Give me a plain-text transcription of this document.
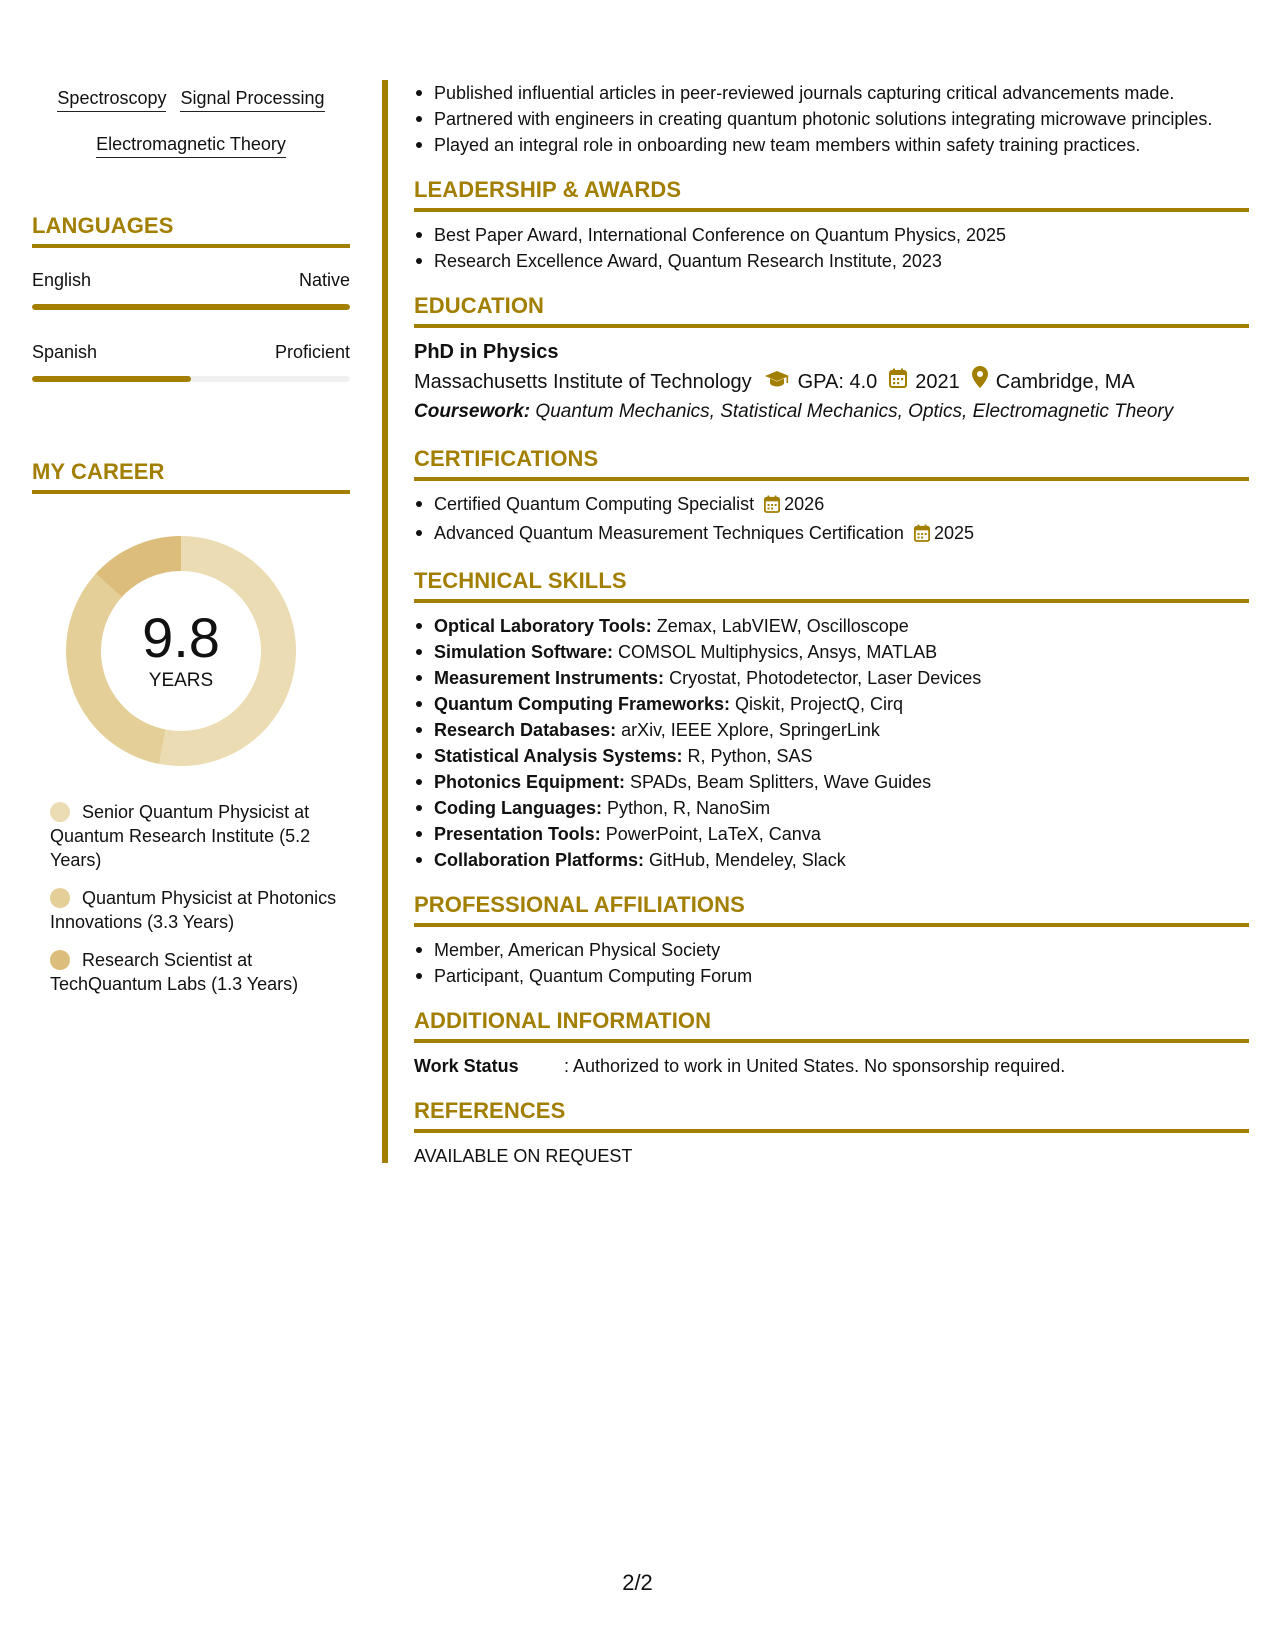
Spectroscopy Signal Processing
Electromagnetic Theory
LANGUAGES
English	Native
Spanish	Proficient
MY CAREER
9.8
YEARS
Senior Quantum Physicist at Quantum Research Institute (5.2 Years)
Quantum Physicist at Photonics Innovations (3.3 Years)
Research Scientist at TechQuantum Labs (1.3 Years)
Published influential articles in peer-reviewed journals capturing critical advancements made.
Partnered with engineers in creating quantum photonic solutions integrating microwave principles.
Played an integral role in onboarding new team members within safety training practices.
LEADERSHIP & AWARDS
Best Paper Award, International Conference on Quantum Physics, 2025
Research Excellence Award, Quantum Research Institute, 2023
EDUCATION
PhD in Physics
Massachusetts Institute of Technology GPA: 4.0 2021 Cambridge, MA
Coursework: Quantum Mechanics, Statistical Mechanics, Optics, Electromagnetic Theory
CERTIFICATIONS
Certified Quantum Computing Specialist 2026
Advanced Quantum Measurement Techniques Certification 2025
TECHNICAL SKILLS
Optical Laboratory Tools: Zemax, LabVIEW, Oscilloscope
Simulation Software: COMSOL Multiphysics, Ansys, MATLAB
Measurement Instruments: Cryostat, Photodetector, Laser Devices
Quantum Computing Frameworks: Qiskit, ProjectQ, Cirq
Research Databases: arXiv, IEEE Xplore, SpringerLink
Statistical Analysis Systems: R, Python, SAS
Photonics Equipment: SPADs, Beam Splitters, Wave Guides
Coding Languages: Python, R, NanoSim
Presentation Tools: PowerPoint, LaTeX, Canva
Collaboration Platforms: GitHub, Mendeley, Slack
PROFESSIONAL AFFILIATIONS
Member, American Physical Society
Participant, Quantum Computing Forum
ADDITIONAL INFORMATION
Work Status	: Authorized to work in United States. No sponsorship required.
REFERENCES
AVAILABLE ON REQUEST
2/2
